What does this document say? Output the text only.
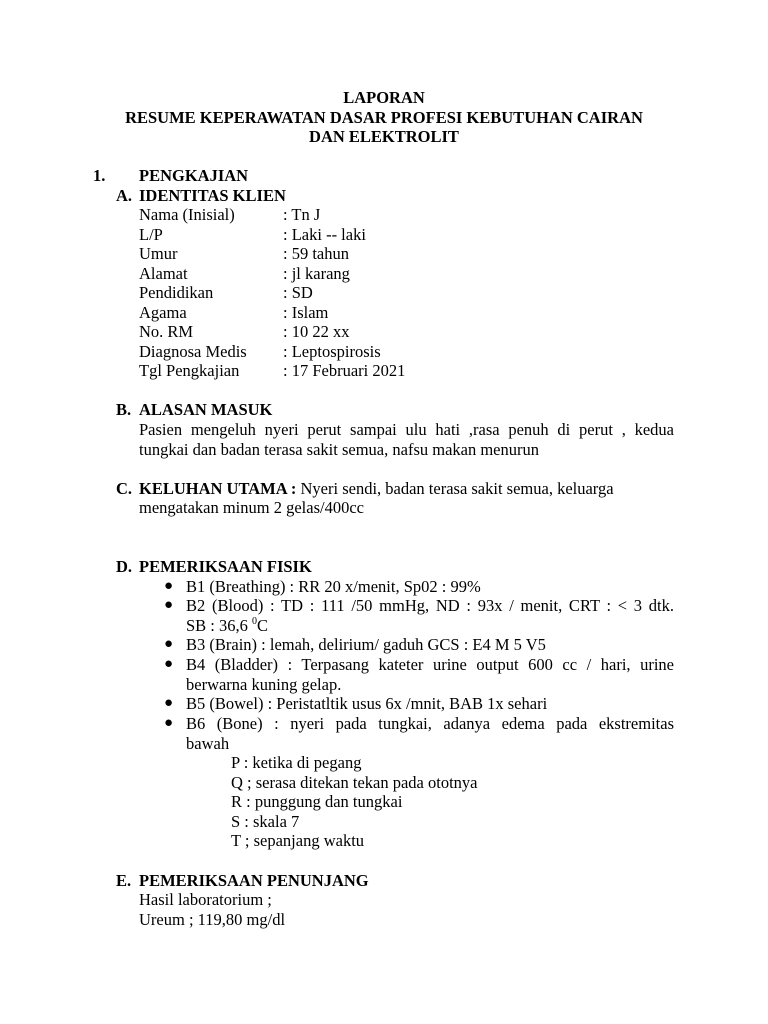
LAPORAN
RESUME KEPERAWATAN DASAR PROFESI KEBUTUHAN CAIRAN
DAN ELEKTROLIT
1. PENGKAJIAN
A. IDENTITAS KLIEN
Nama (Inisial)	: Tn J
L/P	: Laki -- laki
Umur	: 59 tahun
Alamat	: jl karang
Pendidikan	: SD
Agama	: Islam
No. RM	: 10 22 xx
Diagnosa Medis : Leptospirosis
Tgl Pengkajian	: 17 Februari 2021
B. ALASAN MASUK
Pasien mengeluh nyeri perut sampai ulu hati ,rasa penuh di perut , kedua
tungkai dan badan terasa sakit semua, nafsu makan menurun
C. KELUHAN UTAMA : Nyeri sendi, badan terasa sakit semua, keluarga
mengatakan minum 2 gelas/400cc
D. PEMERIKSAAN FISIK
● B1 (Breathing) : RR 20 x/menit, Sp02 : 99%
● B2 (Blood) : TD : 111 /50 mmHg, ND : 93x / menit, CRT : < 3 dtk.
SB : 36,6 $^0$C
● B3 (Brain) : lemah, delirium/ gaduh GCS : E4 M 5 V5
● B4 (Bladder) : Terpasang kateter urine output 600 cc / hari, urine
berwarna kuning gelap.
● B5 (Bowel) : Peristatltik usus 6x /mnit, BAB 1x sehari
● B6 (Bone) : nyeri pada tungkai, adanya edema pada ekstremitas
bawah
P : ketika di pegang
Q ; serasa ditekan tekan pada ototnya
R : punggung dan tungkai
S : skala 7
T ; sepanjang waktu
E. PEMERIKSAAN PENUNJANG
Hasil laboratorium ;
Ureum ; 119,80 mg/dl
